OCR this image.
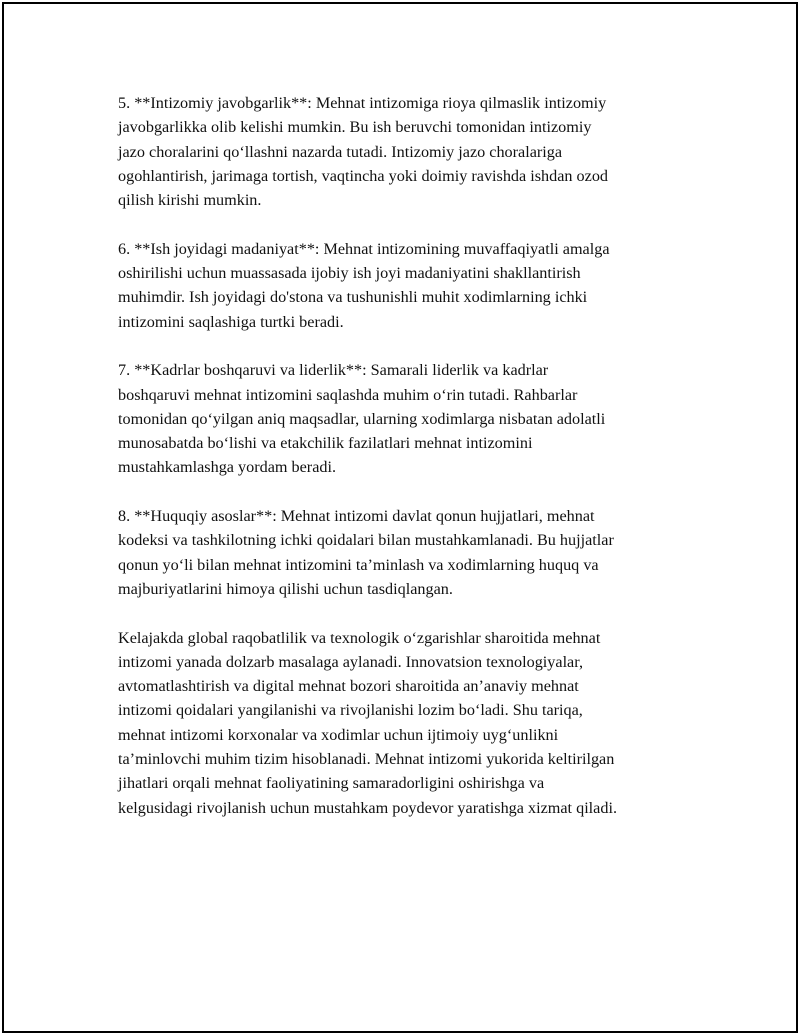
5. **Intizomiy javobgarlik**: Mehnat intizomiga rioya qilmaslik intizomiy
javobgarlikka olib kelishi mumkin. Bu ish beruvchi tomonidan intizomiy
jazo choralarini qo‘llashni nazarda tutadi. Intizomiy jazo choralariga
ogohlantirish, jarimaga tortish, vaqtincha yoki doimiy ravishda ishdan ozod
qilish kirishi mumkin.

6. **Ish joyidagi madaniyat**: Mehnat intizomining muvaffaqiyatli amalga
oshirilishi uchun muassasada ijobiy ish joyi madaniyatini shakllantirish
muhimdir. Ish joyidagi do'stona va tushunishli muhit xodimlarning ichki
intizomini saqlashiga turtki beradi.

7. **Kadrlar boshqaruvi va liderlik**: Samarali liderlik va kadrlar
boshqaruvi mehnat intizomini saqlashda muhim o‘rin tutadi. Rahbarlar
tomonidan qo‘yilgan aniq maqsadlar, ularning xodimlarga nisbatan adolatli
munosabatda bo‘lishi va etakchilik fazilatlari mehnat intizomini
mustahkamlashga yordam beradi.

8. **Huquqiy asoslar**: Mehnat intizomi davlat qonun hujjatlari, mehnat
kodeksi va tashkilotning ichki qoidalari bilan mustahkamlanadi. Bu hujjatlar
qonun yo‘li bilan mehnat intizomini ta’minlash va xodimlarning huquq va
majburiyatlarini himoya qilishi uchun tasdiqlangan.

Kelajakda global raqobatlilik va texnologik o‘zgarishlar sharoitida mehnat
intizomi yanada dolzarb masalaga aylanadi. Innovatsion texnologiyalar,
avtomatlashtirish va digital mehnat bozori sharoitida an’anaviy mehnat
intizomi qoidalari yangilanishi va rivojlanishi lozim bo‘ladi. Shu tariqa,
mehnat intizomi korxonalar va xodimlar uchun ijtimoiy uyg‘unlikni
ta’minlovchi muhim tizim hisoblanadi. Mehnat intizomi yukorida keltirilgan
jihatlari orqali mehnat faoliyatining samaradorligini oshirishga va
kelgusidagi rivojlanish uchun mustahkam poydevor yaratishga xizmat qiladi.
